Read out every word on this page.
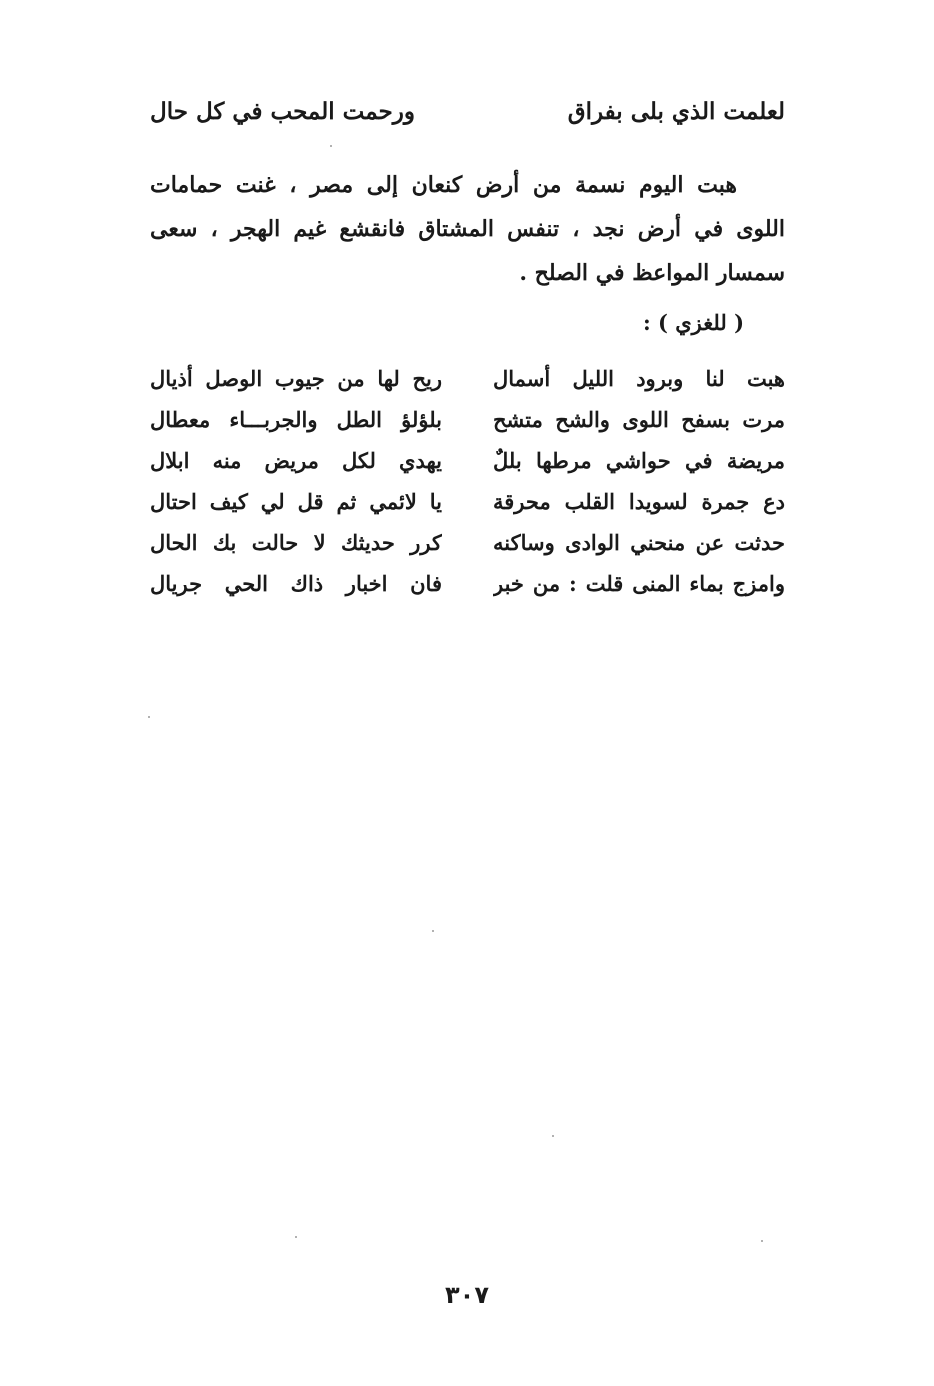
لعلمت الذي بلى بفراق
ورحمت المحب في كل حال
هبت اليوم نسمة من أرض كنعان إلى مصر ، غنت حمامات
اللوى في أرض نجد ، تنفس المشتاق فانقشع غيم الهجر ، سعى
سمسار المواعظ في الصلح .
( للغزي ) :
هبت لنا وبرود الليل أسمال
ريح لها من جيوب الوصل أذيال
مرت بسفح اللوى والشح متشح
بلؤلؤ الطل والجربـــاء معطال
مريضة في حواشي مرطها بللٌ
يهدي لكل مريض منه ابلال
دع جمرة لسويدا القلب محرقة
يا لائمي ثم قل لي كيف احتال
حدثت عن منحني الوادى وساكنه
كرر حديثك لا حالت بك الحال
وامزج بماء المنى قلت : من خبر
فان اخبار ذاك الحي جريال
٣٠٧
